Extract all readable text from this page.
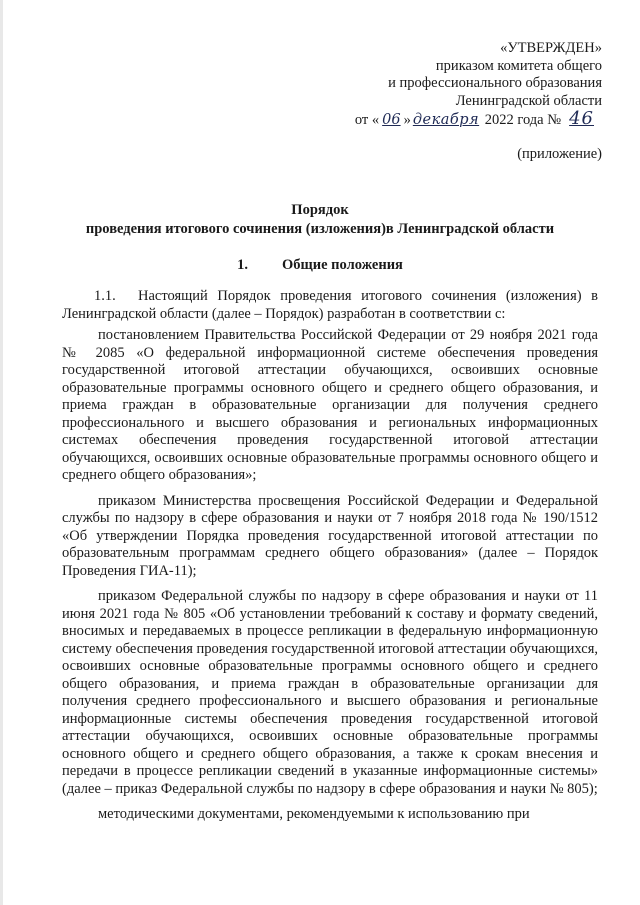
«УТВЕРЖДЕН»
приказом комитета общего
и профессионального образования
Ленинградской области
от « 06 » декабря 2022 года № 46
(приложение)
Порядок
проведения итогового сочинения (изложения)в Ленинградской области
1. Общие положения

1.1. Настоящий Порядок проведения итогового сочинения (изложения) в Ленинградской области (далее – Порядок) разработан в соответствии с:

постановлением Правительства Российской Федерации от 29 ноября 2021 года № 2085 «О федеральной информационной системе обеспечения проведения государственной итоговой аттестации обучающихся, освоивших основные образовательные программы основного общего и среднего общего образования, и приема граждан в образовательные организации для получения среднего профессионального и высшего образования и региональных информационных системах обеспечения проведения государственной итоговой аттестации обучающихся, освоивших основные образовательные программы основного общего и среднего общего образования»;

приказом Министерства просвещения Российской Федерации и Федеральной службы по надзору в сфере образования и науки от 7 ноября 2018 года № 190/1512 «Об утверждении Порядка проведения государственной итоговой аттестации по образовательным программам среднего общего образования» (далее – Порядок Проведения ГИА-11);

приказом Федеральной службы по надзору в сфере образования и науки от 11 июня 2021 года № 805 «Об установлении требований к составу и формату сведений, вносимых и передаваемых в процессе репликации в федеральную информационную систему обеспечения проведения государственной итоговой аттестации обучающихся, освоивших основные образовательные программы основного общего и среднего общего образования, и приема граждан в образовательные организации для получения среднего профессионального и высшего образования и региональные информационные системы обеспечения проведения государственной итоговой аттестации обучающихся, освоивших основные образовательные программы основного общего и среднего общего образования, а также к срокам внесения и передачи в процессе репликации сведений в указанные информационные системы» (далее – приказ Федеральной службы по надзору в сфере образования и науки № 805);

методическими документами, рекомендуемыми к использованию при
